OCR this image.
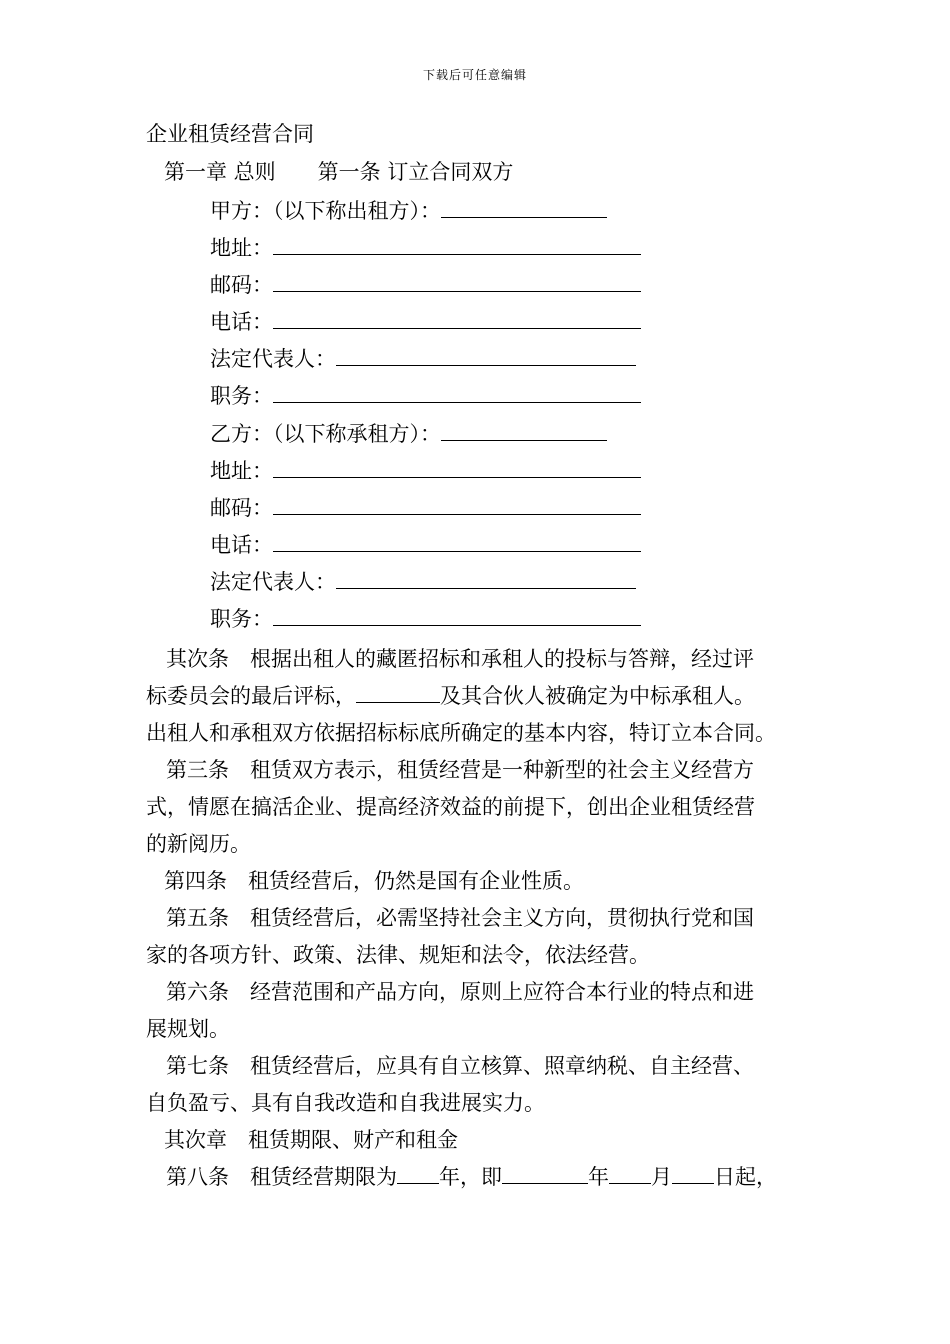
下载后可任意编辑
企业租赁经营合同
第一章 总则　　第一条 订立合同双方
甲方：（以下称出租方）：
地址：
邮码：
电话：
法定代表人：
职务：
乙方：（以下称承租方）：
地址：
邮码：
电话：
法定代表人：
职务：
其次条　根据出租人的藏匿招标和承租人的投标与答辩，经过评
标委员会的最后评标，	及其合伙人被确定为中标承租人。
出租人和承租双方依据招标标底所确定的基本内容，特订立本合同。
第三条　租赁双方表示，租赁经营是一种新型的社会主义经营方
式，情愿在搞活企业、提高经济效益的前提下，创出企业租赁经营
的新阅历。
第四条　租赁经营后，仍然是国有企业性质。
第五条　租赁经营后，必需坚持社会主义方向，贯彻执行党和国
家的各项方针、政策、法律、规矩和法令，依法经营。
第六条　经营范围和产品方向，原则上应符合本行业的特点和进
展规划。
第七条　租赁经营后，应具有自立核算、照章纳税、自主经营、
自负盈亏、具有自我改造和自我进展实力。
其次章　租赁期限、财产和租金
第八条　租赁经营期限为 年，即	年 月 日起，
